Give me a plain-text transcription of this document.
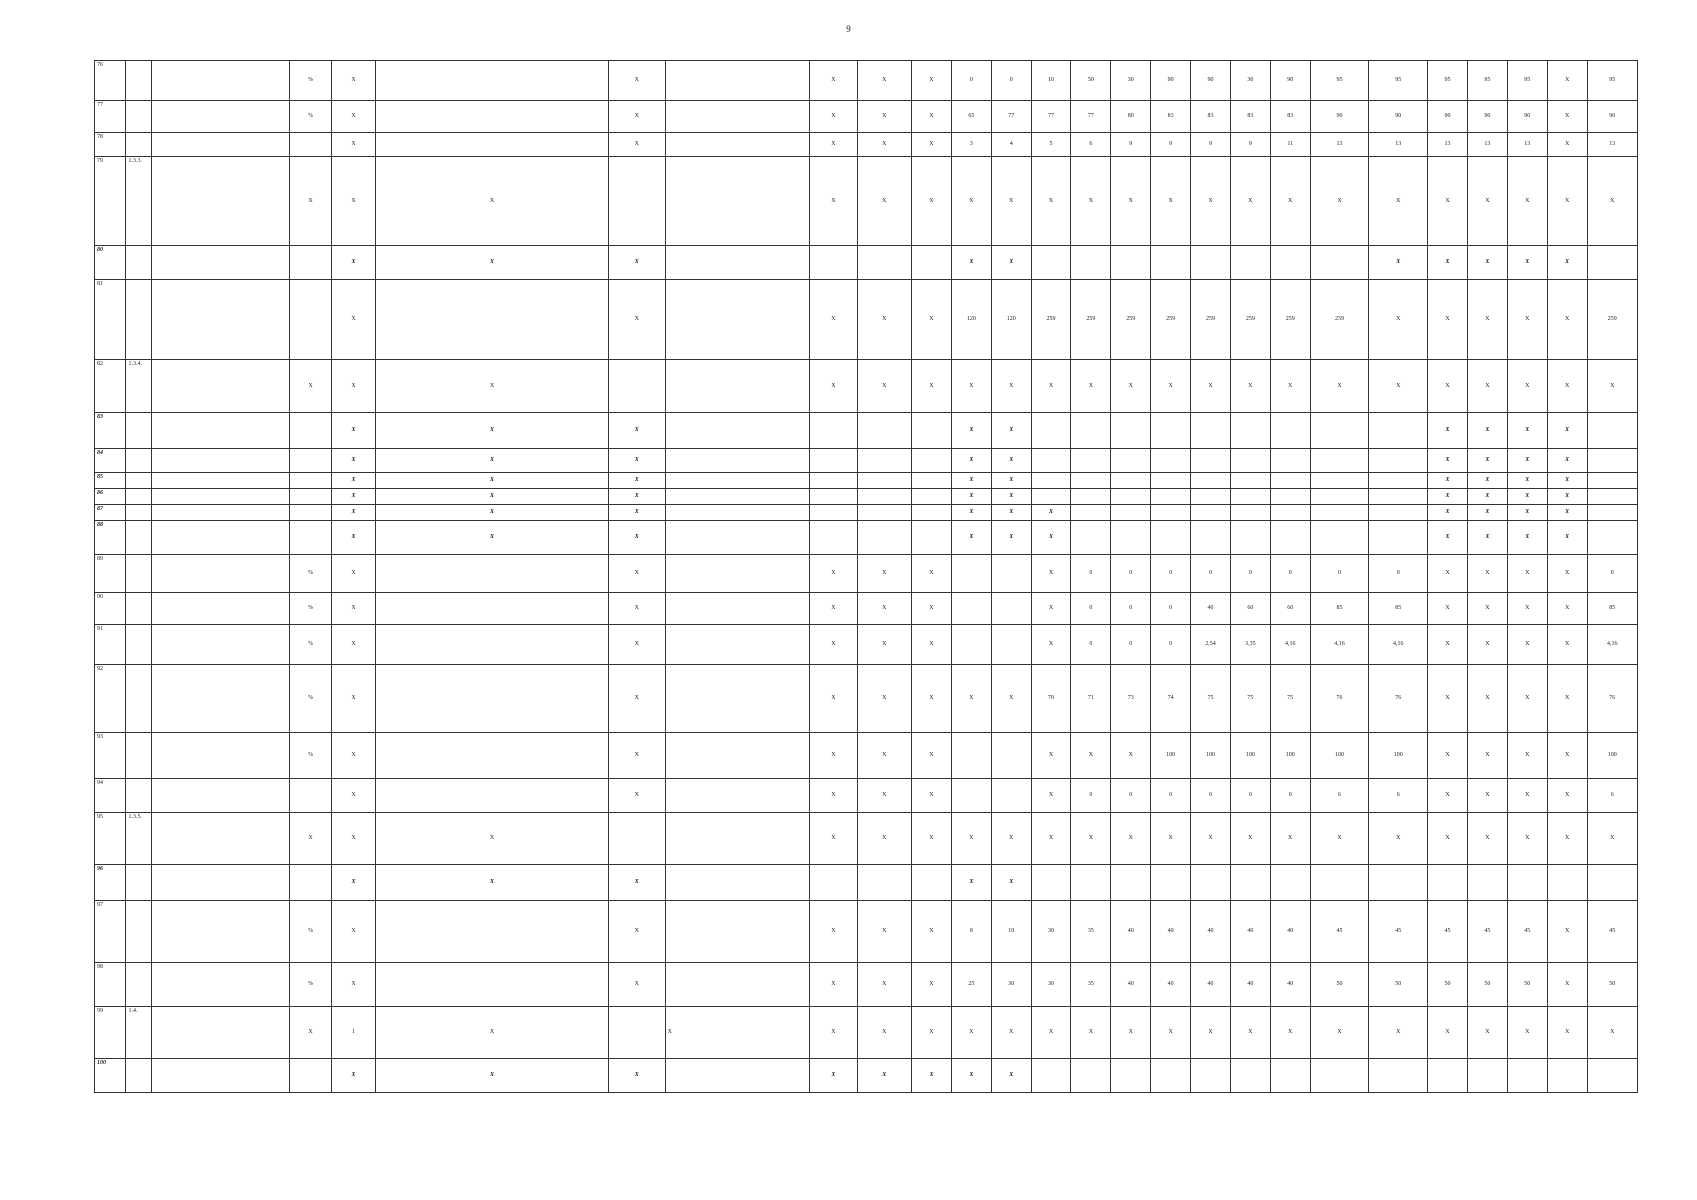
9
76			%	X		X		X	X	X	0	0	10	50	30	90	90	30	90	95	95	95	95	95	X	95
77			%	X		X		X	X	X	65	77	77	77	80	83	83	83	83	90	90	90	90	90	X	90
78				X		X		X	X	X	3	4	5	6	9	9	9	9	11	13	13	13	13	13	X	13
79	1.3.3.		X	X	X			X	X	X	X	X	X	X	X	X	X	X	X	X	X	X	X	X	X	X
80				X	X	X					X	X									X	X	X	X	X	
81				X		X		X	X	X	120	120	259	259	259	259	259	259	259	259	X	X	X	X	X	259
82	1.3.4.		X	X	X			X	X	X	X	X	X	X	X	X	X	X	X	X	X	X	X	X	X	X
83				X	X	X					X	X										X	X	X	X	
84				X	X	X					X	X										X	X	X	X	
85				X	X	X					X	X										X	X	X	X	
86				X	X	X					X	X										X	X	X	X	
87				X	X	X					X	X	X									X	X	X	X	
88				X	X	X					X	X	X									X	X	X	X	
89			%	X		X		X	X	X			X	0	0	0	0	0	0	0	0	X	X	X	X	0
90			%	X		X		X	X	X			X	0	0	0	40	60	60	85	85	X	X	X	X	85
91			%	X		X		X	X	X			X	0	0	0	2,54	3,35	4,16	4,16	4,16	X	X	X	X	4,16
92			%	X		X		X	X	X	X	X	70	71	73	74	75	75	75	76	76	X	X	X	X	76
93			%	X		X		X	X	X			X	X	X	100	100	100	100	100	100	X	X	X	X	100
94				X		X		X	X	X			X	0	0	0	0	0	0	6	6	X	X	X	X	6
95	1.3.5.		X	X	X			X	X	X	X	X	X	X	X	X	X	X	X	X	X	X	X	X	X	X
96				X	X	X					X	X														
97			%	X		X		X	X	X	8	10	30	35	40	40	40	40	40	45	45	45	45	45	X	45
98			%	X		X		X	X	X	25	30	30	35	40	40	40	40	40	50	50	50	50	50	X	50
99	1.4.		X	1	X		X	X	X	X	X	X	X	X	X	X	X	X	X	X	X	X	X	X	X	X
100				X	X	X		X	X	X	X	X														
